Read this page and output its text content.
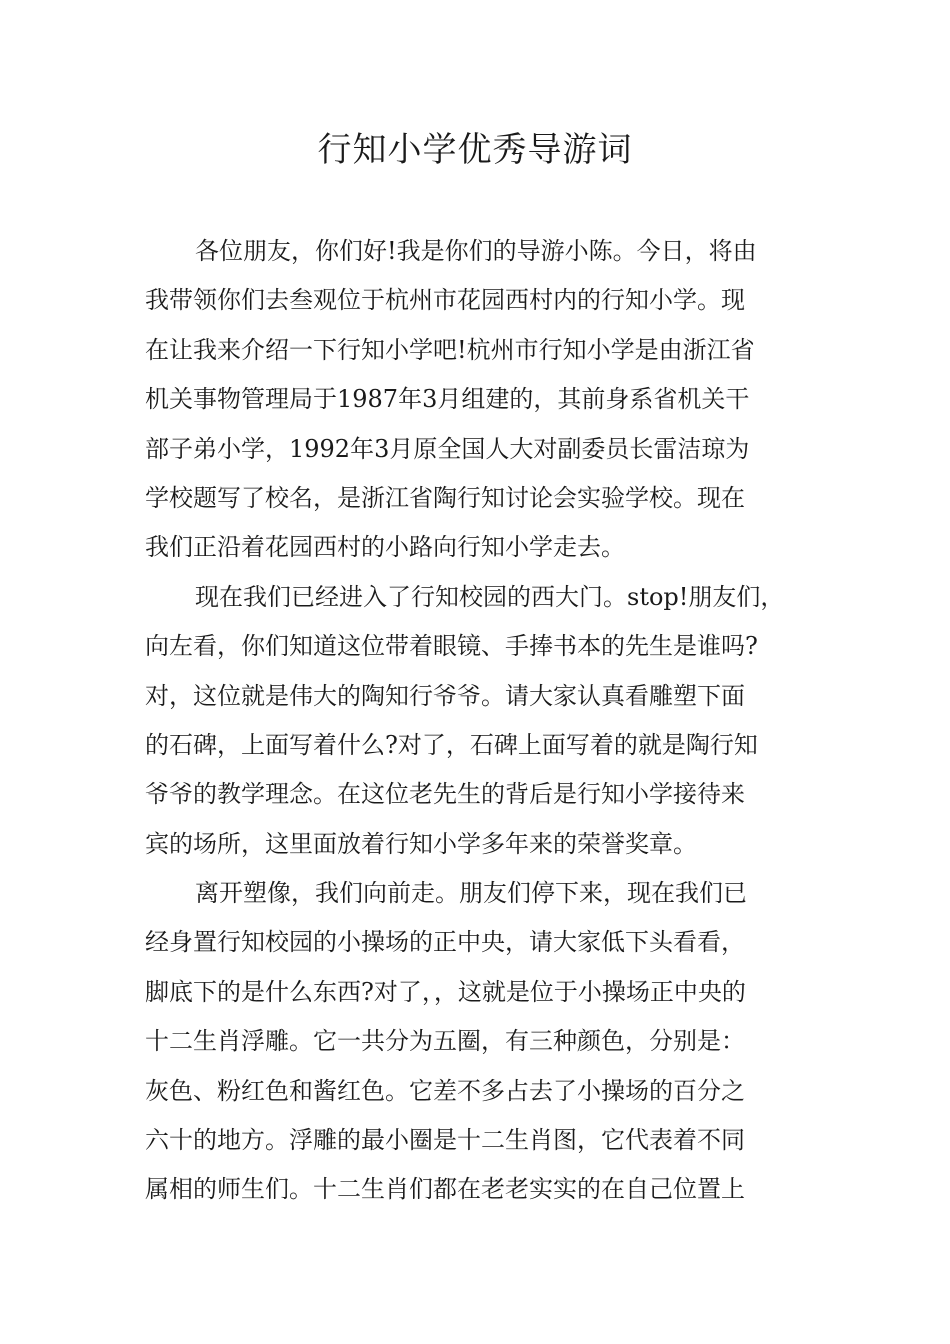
行知小学优秀导游词

各位朋友，你们好!我是你们的导游小陈。今日，将由
我带领你们去叁观位于杭州市花园西村内的行知小学。现
在让我来介绍一下行知小学吧!杭州市行知小学是由浙江省
机关事物管理局于1987年3月组建的，其前身系省机关干
部子弟小学，1992年3月原全国人大对副委员长雷洁琼为
学校题写了校名，是浙江省陶行知讨论会实验学校。现在
我们正沿着花园西村的小路向行知小学走去。

现在我们已经进入了行知校园的西大门。stop!朋友们，
向左看，你们知道这位带着眼镜、手捧书本的先生是谁吗?
对，这位就是伟大的陶知行爷爷。请大家认真看雕塑下面
的石碑，上面写着什么?对了，石碑上面写着的就是陶行知
爷爷的教学理念。在这位老先生的背后是行知小学接待来
宾的场所，这里面放着行知小学多年来的荣誉奖章。

离开塑像，我们向前走。朋友们停下来，现在我们已
经身置行知校园的小操场的正中央，请大家低下头看看，
脚底下的是什么东西?对了，，这就是位于小操场正中央的
十二生肖浮雕。它一共分为五圈，有三种颜色，分别是：
灰色、粉红色和酱红色。它差不多占去了小操场的百分之
六十的地方。浮雕的最小圈是十二生肖图，它代表着不同
属相的师生们。十二生肖们都在老老实实的在自己位置上
